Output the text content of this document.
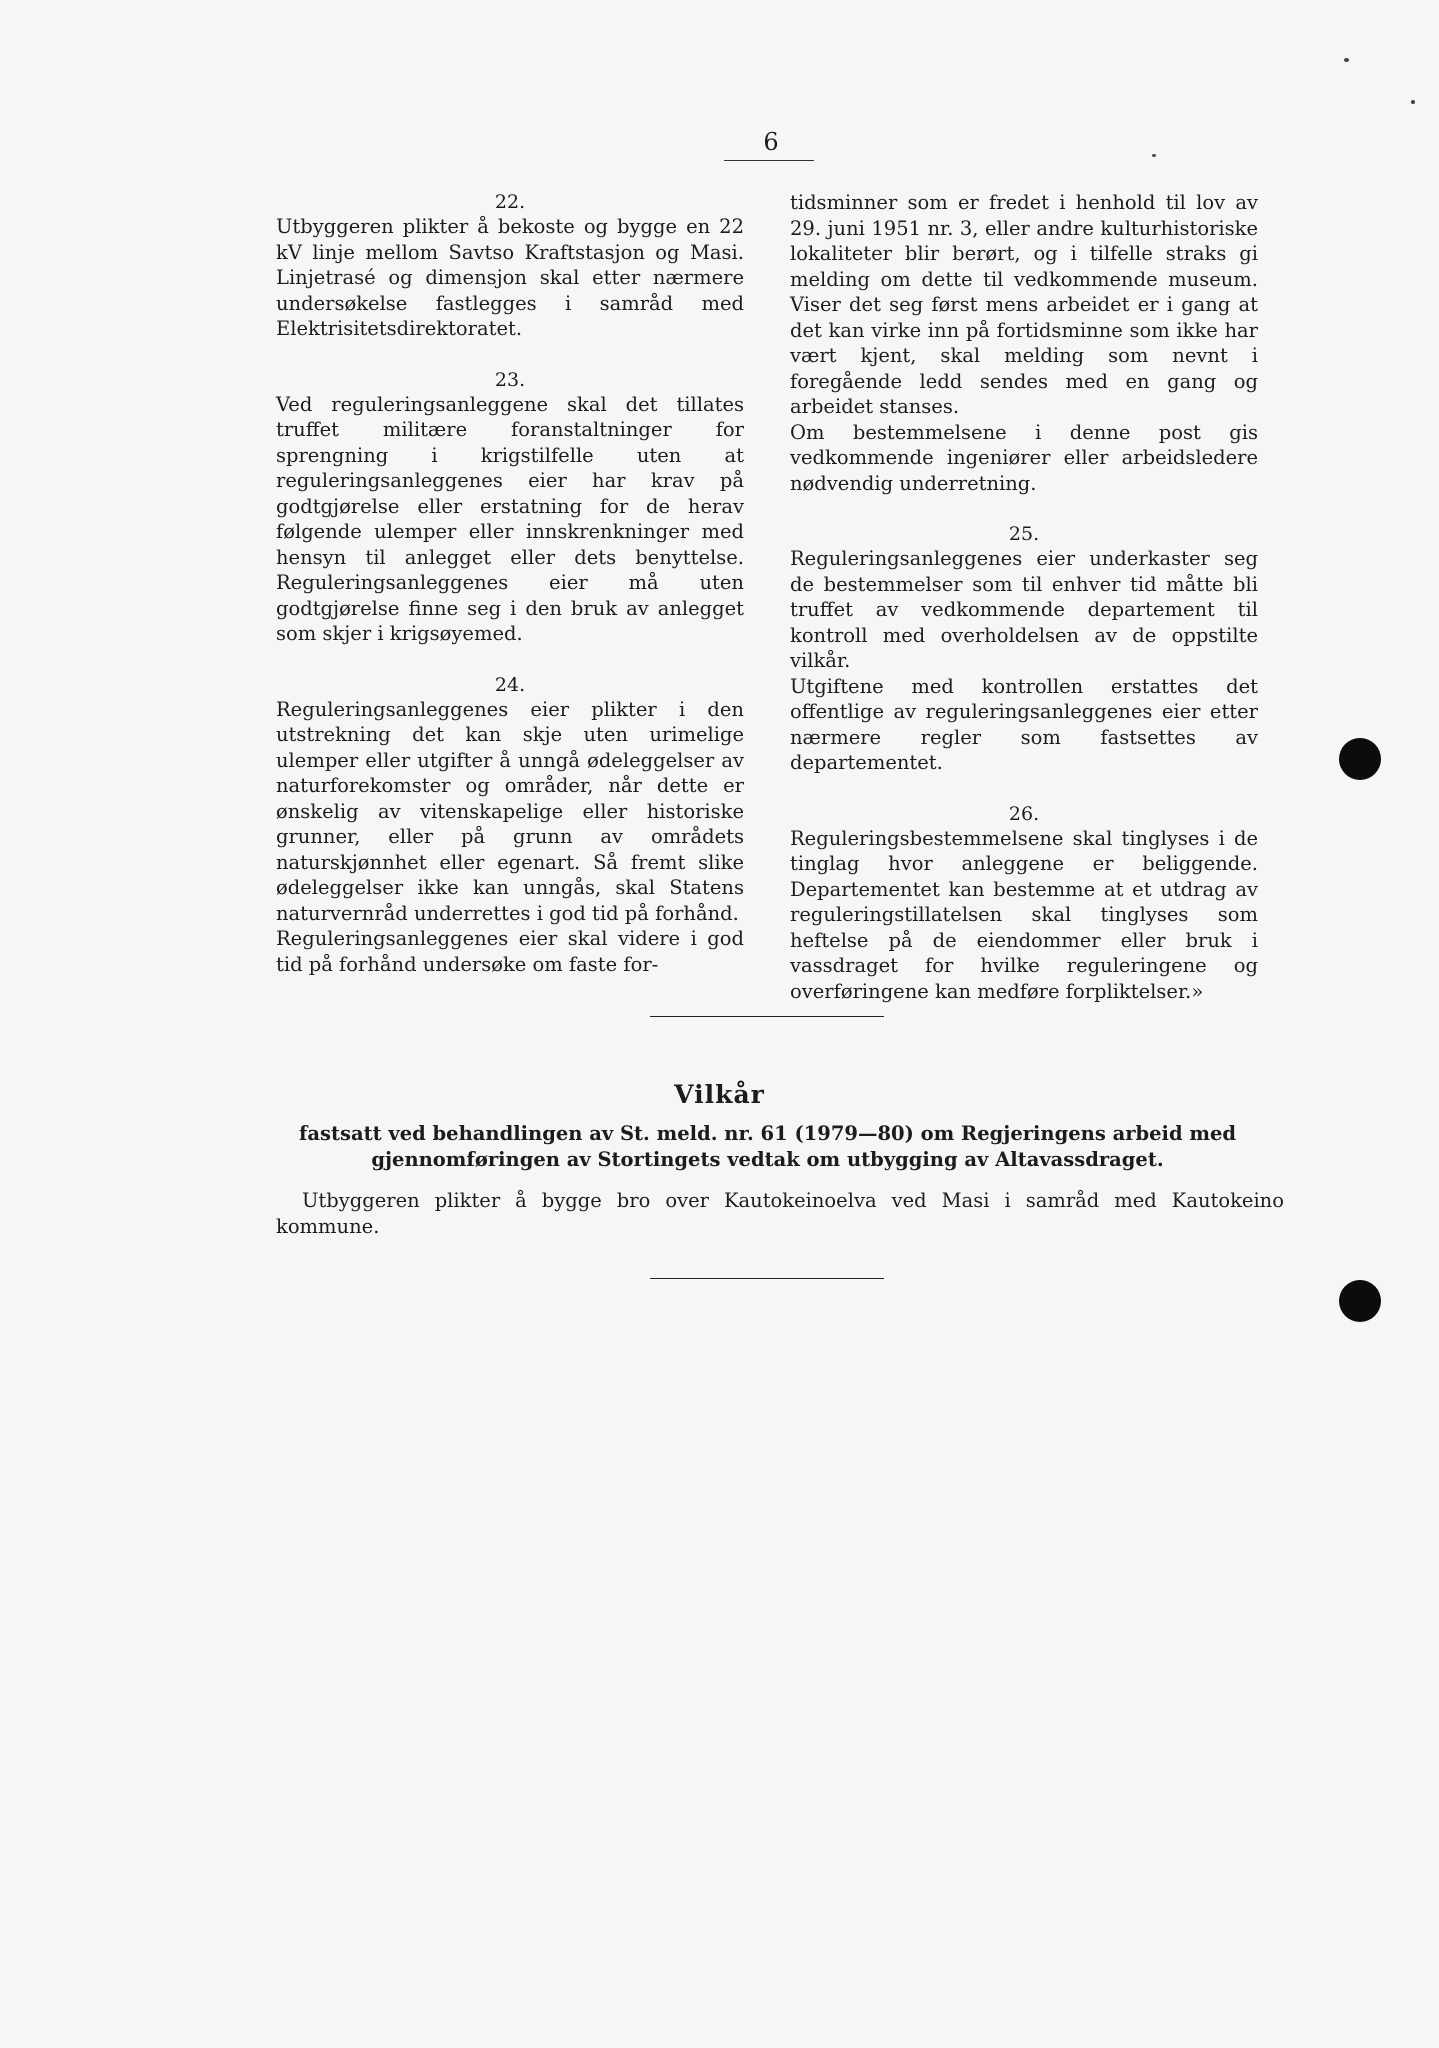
6

22.

Utbyggeren plikter å bekoste og bygge en 22 kV linje mellom Savtso Kraftstasjon og Masi. Linjetrasé og dimensjon skal etter nærmere undersøkelse fastlegges i samråd med Elektrisitetsdirektoratet.

23.

Ved reguleringsanleggene skal det tillates truffet militære foranstaltninger for sprengning i krigstilfelle uten at reguleringsanleggenes eier har krav på godtgjørelse eller erstatning for de herav følgende ulemper eller innskrenkninger med hensyn til anlegget eller dets benyttelse. Reguleringsanleggenes eier må uten godtgjørelse finne seg i den bruk av anlegget som skjer i krigsøyemed.

24.

Reguleringsanleggenes eier plikter i den utstrekning det kan skje uten urimelige ulemper eller utgifter å unngå ødeleggelser av naturforekomster og områder, når dette er ønskelig av vitenskapelige eller historiske grunner, eller på grunn av områdets naturskjønnhet eller egenart. Så fremt slike ødeleggelser ikke kan unngås, skal Statens naturvernråd underrettes i god tid på forhånd.

Reguleringsanleggenes eier skal videre i god tid på forhånd undersøke om faste for-

tidsminner som er fredet i henhold til lov av 29. juni 1951 nr. 3, eller andre kulturhistoriske lokaliteter blir berørt, og i tilfelle straks gi melding om dette til vedkommende museum. Viser det seg først mens arbeidet er i gang at det kan virke inn på fortidsminne som ikke har vært kjent, skal melding som nevnt i foregående ledd sendes med en gang og arbeidet stanses.

Om bestemmelsene i denne post gis vedkommende ingeniører eller arbeidsledere nødvendig underretning.

25.

Reguleringsanleggenes eier underkaster seg de bestemmelser som til enhver tid måtte bli truffet av vedkommende departement til kontroll med overholdelsen av de oppstilte vilkår.

Utgiftene med kontrollen erstattes det offentlige av reguleringsanleggenes eier etter nærmere regler som fastsettes av departementet.

26.

Reguleringsbestemmelsene skal tinglyses i de tinglag hvor anleggene er beliggende. Departementet kan bestemme at et utdrag av reguleringstillatelsen skal tinglyses som heftelse på de eiendommer eller bruk i vassdraget for hvilke reguleringene og overføringene kan medføre forpliktelser.»

Vilkår
fastsatt ved behandlingen av St. meld. nr. 61 (1979—80) om Regjeringens arbeid med gjennomføringen av Stortingets vedtak om utbygging av Altavassdraget.
Utbyggeren plikter å bygge bro over Kautokeinoelva ved Masi i samråd med Kautokeino kommune.
